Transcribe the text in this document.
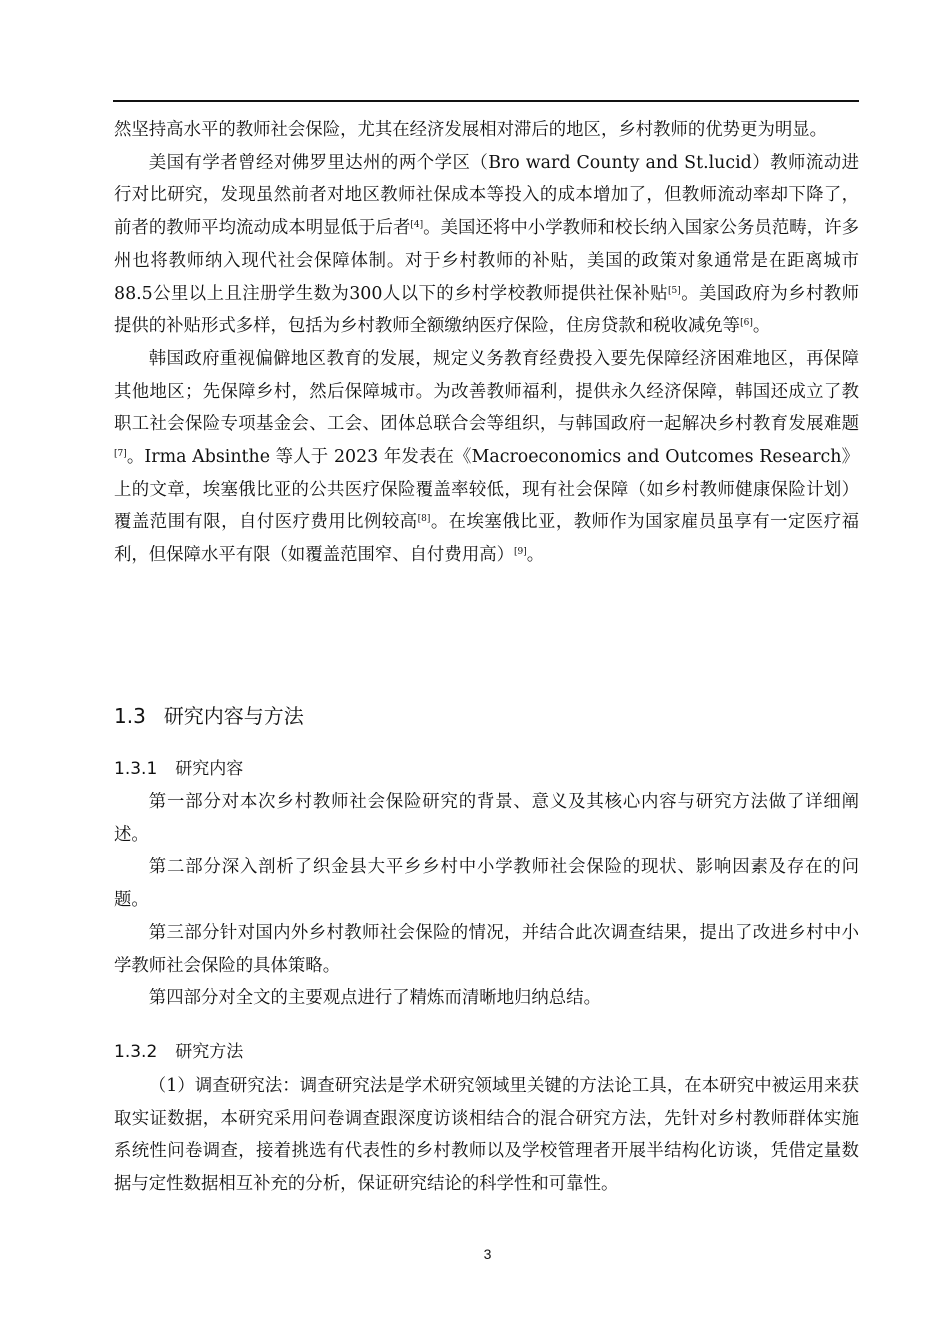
然坚持高水平的教师社会保险，尤其在经济发展相对滞后的地区，乡村教师的优势更为明显。

美国有学者曾经对佛罗里达州的两个学区（Bro ward County and St.lucid）教师流动进行对比研究，发现虽然前者对地区教师社保成本等投入的成本增加了，但教师流动率却下降了，前者的教师平均流动成本明显低于后者[4]。美国还将中小学教师和校长纳入国家公务员范畴，许多州也将教师纳入现代社会保障体制。对于乡村教师的补贴，美国的政策对象通常是在距离城市88.5公里以上且注册学生数为300人以下的乡村学校教师提供社保补贴[5]。美国政府为乡村教师提供的补贴形式多样，包括为乡村教师全额缴纳医疗保险，住房贷款和税收减免等[6]。

韩国政府重视偏僻地区教育的发展，规定义务教育经费投入要先保障经济困难地区，再保障其他地区；先保障乡村，然后保障城市。为改善教师福利，提供永久经济保障，韩国还成立了教职工社会保险专项基金会、工会、团体总联合会等组织，与韩国政府一起解决乡村教育发展难题[7]。Irma Absinthe 等人于 2023 年发表在《Macroeconomics and Outcomes Research》上的文章，埃塞俄比亚的公共医疗保险覆盖率较低，现有社会保障（如乡村教师健康保险计划）覆盖范围有限，自付医疗费用比例较高[8]。在埃塞俄比亚，教师作为国家雇员虽享有一定医疗福利，但保障水平有限（如覆盖范围窄、自付费用高）[9]。

1.3 研究内容与方法
1.3.1 研究内容

第一部分对本次乡村教师社会保险研究的背景、意义及其核心内容与研究方法做了详细阐述。

第二部分深入剖析了织金县大平乡乡村中小学教师社会保险的现状、影响因素及存在的问题。

第三部分针对国内外乡村教师社会保险的情况，并结合此次调查结果，提出了改进乡村中小学教师社会保险的具体策略。

第四部分对全文的主要观点进行了精炼而清晰地归纳总结。

1.3.2 研究方法

（1）调查研究法：调查研究法是学术研究领域里关键的方法论工具，在本研究中被运用来获取实证数据，本研究采用问卷调查跟深度访谈相结合的混合研究方法，先针对乡村教师群体实施系统性问卷调查，接着挑选有代表性的乡村教师以及学校管理者开展半结构化访谈，凭借定量数据与定性数据相互补充的分析，保证研究结论的科学性和可靠性。

3
